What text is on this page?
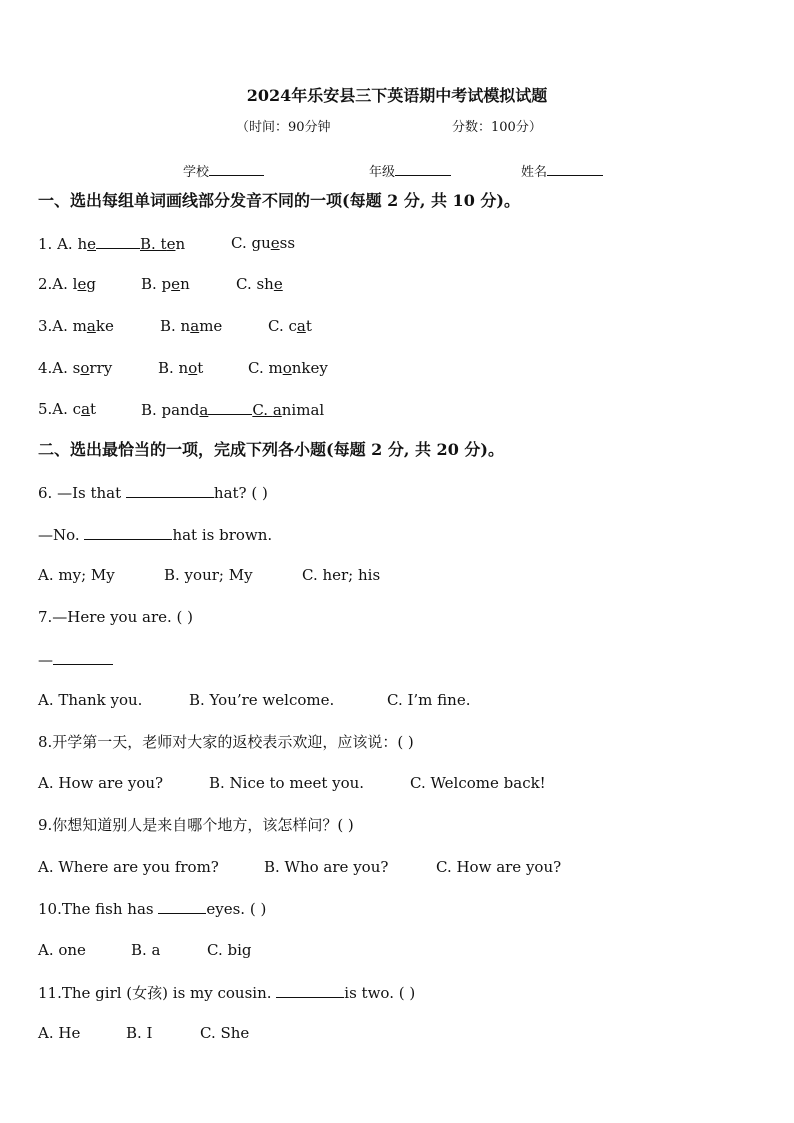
2024年乐安县三下英语期中考试模拟试题
（时间：90分钟	分数：100分）
学校	年级	姓名
一、选出每组单词画线部分发音不同的一项(每题 2 分, 共 10 分)。
1. A. he	B. ten	C. guess
2.A. leg	B. pen	C. she
3.A. make	B. name	C. cat
4.A. sorry	B. not	C. monkey
5.A. cat	B. panda	C. animal
二、选出最恰当的一项，完成下列各小题(每题 2 分, 共 20 分)。
6. —Is that	hat? ( )
—No.	hat is brown.
A. my; My	B. your; My	C. her; his
7.—Here you are. ( )
—
A. Thank you.	B. You’re welcome.	C. I’m fine.
8.开学第一天，老师对大家的返校表示欢迎，应该说：( )
A. How are you?	B. Nice to meet you.	C. Welcome back!
9.你想知道别人是来自哪个地方，该怎样问？( )
A. Where are you from?	B. Who are you?	C. How are you?
10.The fish has	eyes. ( )
A. one	B. a	C. big
11.The girl (女孩) is my cousin.	is two. ( )
A. He	B. I	C. She
